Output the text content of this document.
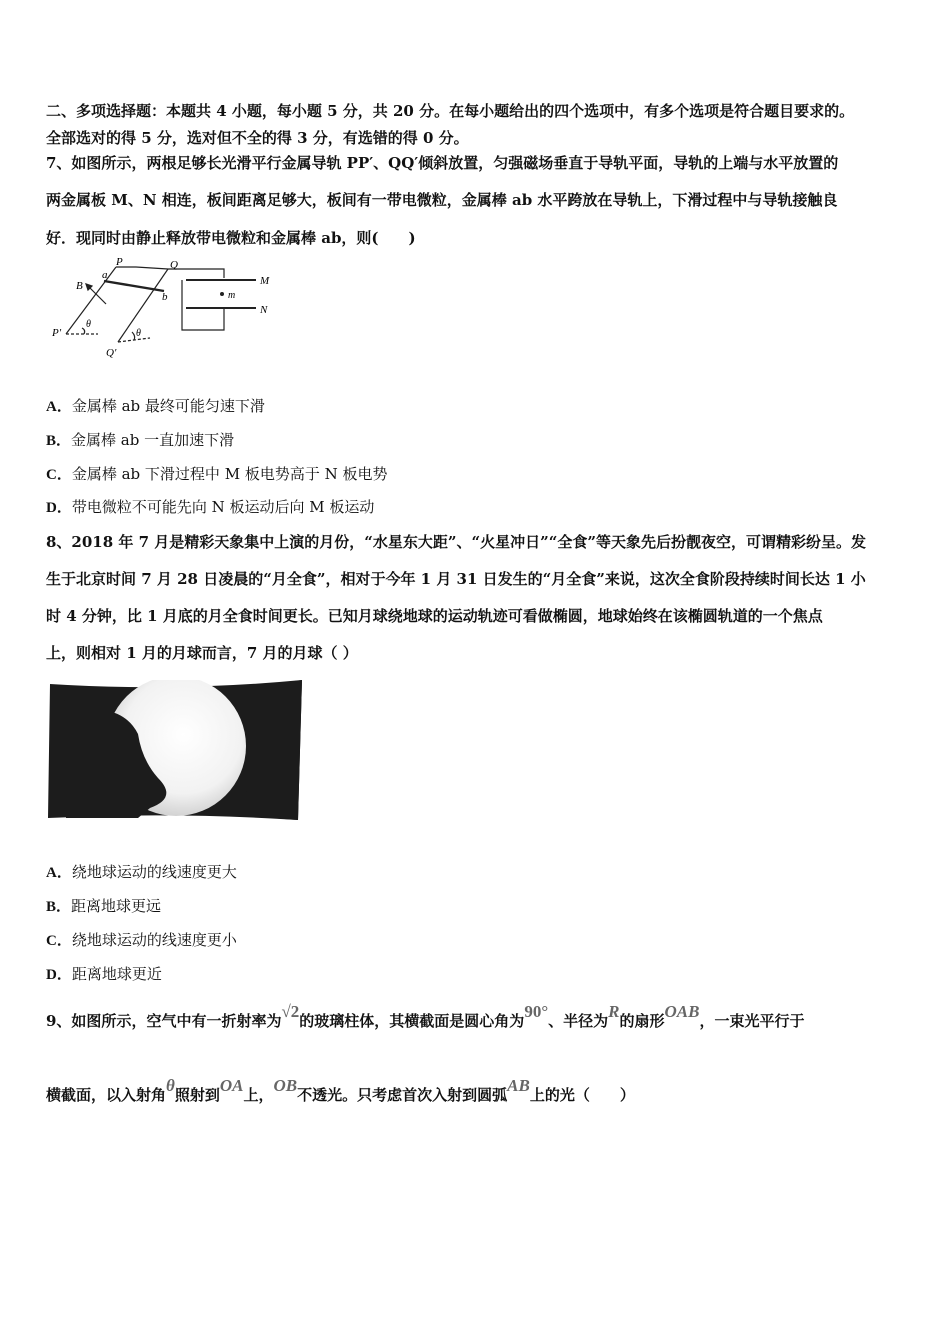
二、多项选择题：本题共 4 小题，每小题 5 分，共 20 分。在每小题给出的四个选项中，有多个选项是符合题目要求的。
全部选对的得 5 分，选对但不全的得 3 分，有选错的得 0 分。
7、如图所示，两根足够长光滑平行金属导轨 PP′、QQ′倾斜放置，匀强磁场垂直于导轨平面，导轨的上端与水平放置的
两金属板 M、N 相连，板间距离足够大，板间有一带电微粒，金属棒 ab 水平跨放在导轨上，下滑过程中与导轨接触良
好．现同时由静止释放带电微粒和金属棒 ab，则(　　)
P	Q
a
b
B	M
N
m
P′
Q′
θ
θ
A．金属棒 ab 最终可能匀速下滑
B．金属棒 ab 一直加速下滑
C．金属棒 ab 下滑过程中 M 板电势高于 N 板电势
D．带电微粒不可能先向 N 板运动后向 M 板运动
8、2018 年 7 月是精彩天象集中上演的月份，“水星东大距”、“火星冲日”“全食”等天象先后扮靓夜空，可谓精彩纷呈。发
生于北京时间 7 月 28 日凌晨的“月全食”，相对于今年 1 月 31 日发生的“月全食”来说，这次全食阶段持续时间长达 1 小
时 4 分钟，比 1 月底的月全食时间更长。已知月球绕地球的运动轨迹可看做椭圆，地球始终在该椭圆轨道的一个焦点
上，则相对 1 月的月球而言，7 月的月球（ ）
A．绕地球运动的线速度更大
B．距离地球更远
C．绕地球运动的线速度更小
D．距离地球更近
9、如图所示，空气中有一折射率为√2的玻璃柱体，其横截面是圆心角为90°、半径为R的扇形OAB，一束光平行于
横截面，以入射角θ照射到OA上，OB不透光。只考虑首次入射到圆弧AB上的光（　　）
